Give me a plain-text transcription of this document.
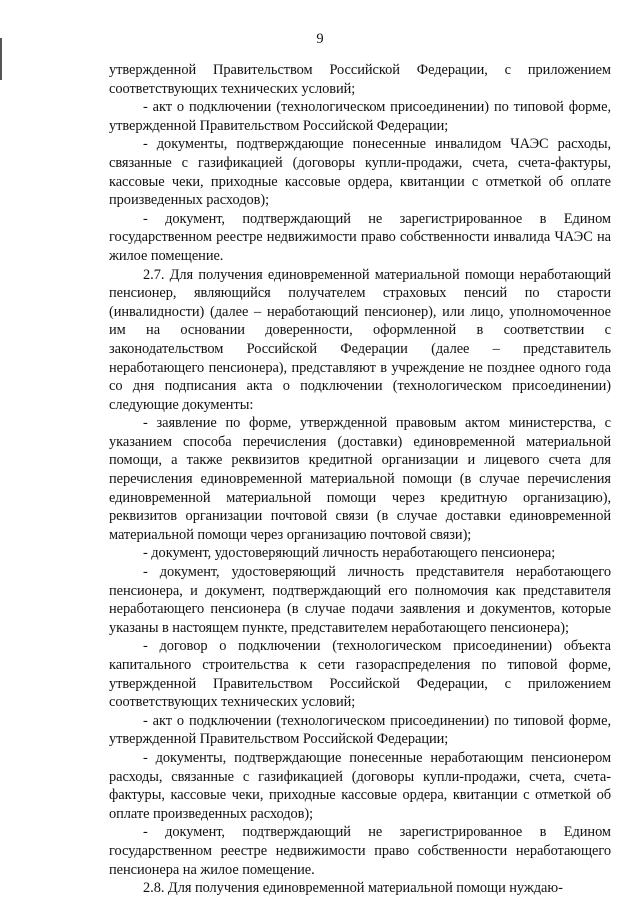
9

утвержденной Правительством Российской Федерации, с приложением соответствующих технических условий;

- акт о подключении (технологическом присоединении) по типовой форме, утвержденной Правительством Российской Федерации;

- документы, подтверждающие понесенные инвалидом ЧАЭС расходы, связанные с газификацией (договоры купли-продажи, счета, счета-фактуры, кассовые чеки, приходные кассовые ордера, квитанции с отметкой об оплате произведенных расходов);

- документ, подтверждающий не зарегистрированное в Едином государственном реестре недвижимости право собственности инвалида ЧАЭС на жилое помещение.

2.7. Для получения единовременной материальной помощи неработающий пенсионер, являющийся получателем страховых пенсий по старости (инвалидности) (далее – неработающий пенсионер), или лицо, уполномоченное им на основании доверенности, оформленной в соответствии с законодательством Российской Федерации (далее – представитель неработающего пенсионера), представляют в учреждение не позднее одного года со дня подписания акта о подключении (технологическом присоединении) следующие документы:

- заявление по форме, утвержденной правовым актом министерства, с указанием способа перечисления (доставки) единовременной материальной помощи, а также реквизитов кредитной организации и лицевого счета для перечисления единовременной материальной помощи (в случае перечисления единовременной материальной помощи через кредитную организацию), реквизитов организации почтовой связи (в случае доставки единовременной материальной помощи через организацию почтовой связи);

- документ, удостоверяющий личность неработающего пенсионера;

- документ, удостоверяющий личность представителя неработающего пенсионера, и документ, подтверждающий его полномочия как представителя неработающего пенсионера (в случае подачи заявления и документов, которые указаны в настоящем пункте, представителем неработающего пенсионера);

- договор о подключении (технологическом присоединении) объекта капитального строительства к сети газораспределения по типовой форме, утвержденной Правительством Российской Федерации, с приложением соответствующих технических условий;

- акт о подключении (технологическом присоединении) по типовой форме, утвержденной Правительством Российской Федерации;

- документы, подтверждающие понесенные неработающим пенсионером расходы, связанные с газификацией (договоры купли-продажи, счета, счета-фактуры, кассовые чеки, приходные кассовые ордера, квитанции с отметкой об оплате произведенных расходов);

- документ, подтверждающий не зарегистрированное в Едином государственном реестре недвижимости право собственности неработающего пенсионера на жилое помещение.

2.8. Для получения единовременной материальной помощи нуждаю-
